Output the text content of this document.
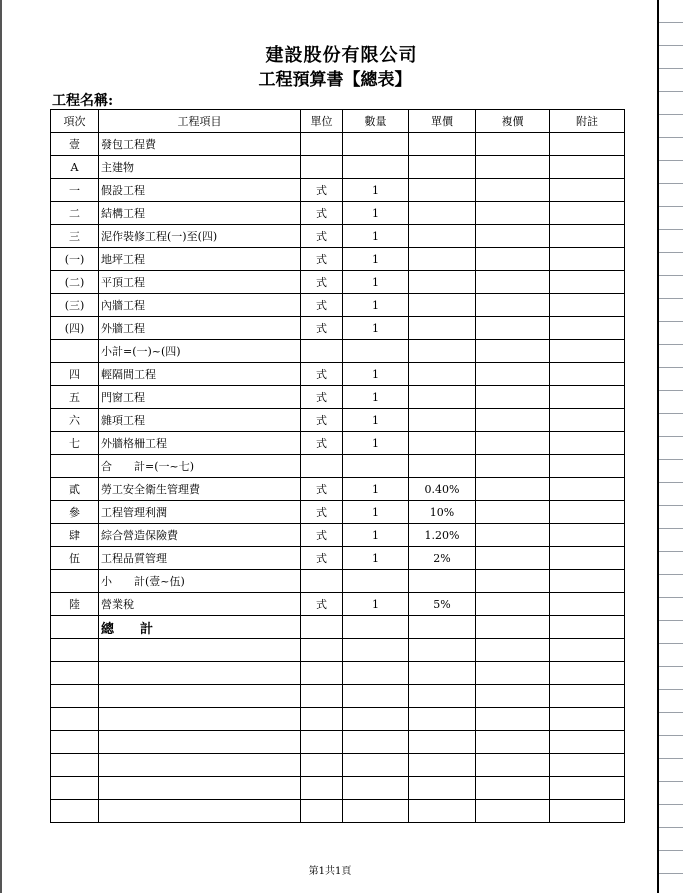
建設股份有限公司
工程預算書【總表】
工程名稱:
項次	工程項目	單位	數量	單價	複價	附註
壹	發包工程費					
A	主建物					
一	假設工程	式	1			
二	結構工程	式	1			
三	泥作裝修工程(一)至(四)	式	1			
(一)	地坪工程	式	1			
(二)	平頂工程	式	1			
(三)	內牆工程	式	1			
(四)	外牆工程	式	1			
	小計=(一)~(四)					
四	輕隔間工程	式	1			
五	門窗工程	式	1			
六	雜項工程	式	1			
七	外牆格柵工程	式	1			
	合　　計=(一~七)					
貳	勞工安全衛生管理費	式	1	0.40%		
參	工程管理利潤	式	1	10%		
肆	綜合營造保險費	式	1	1.20%		
伍	工程品質管理	式	1	2%		
	小　　計(壹~伍)					
陸	營業稅	式	1	5%		
	總　　計					

第1共1頁
